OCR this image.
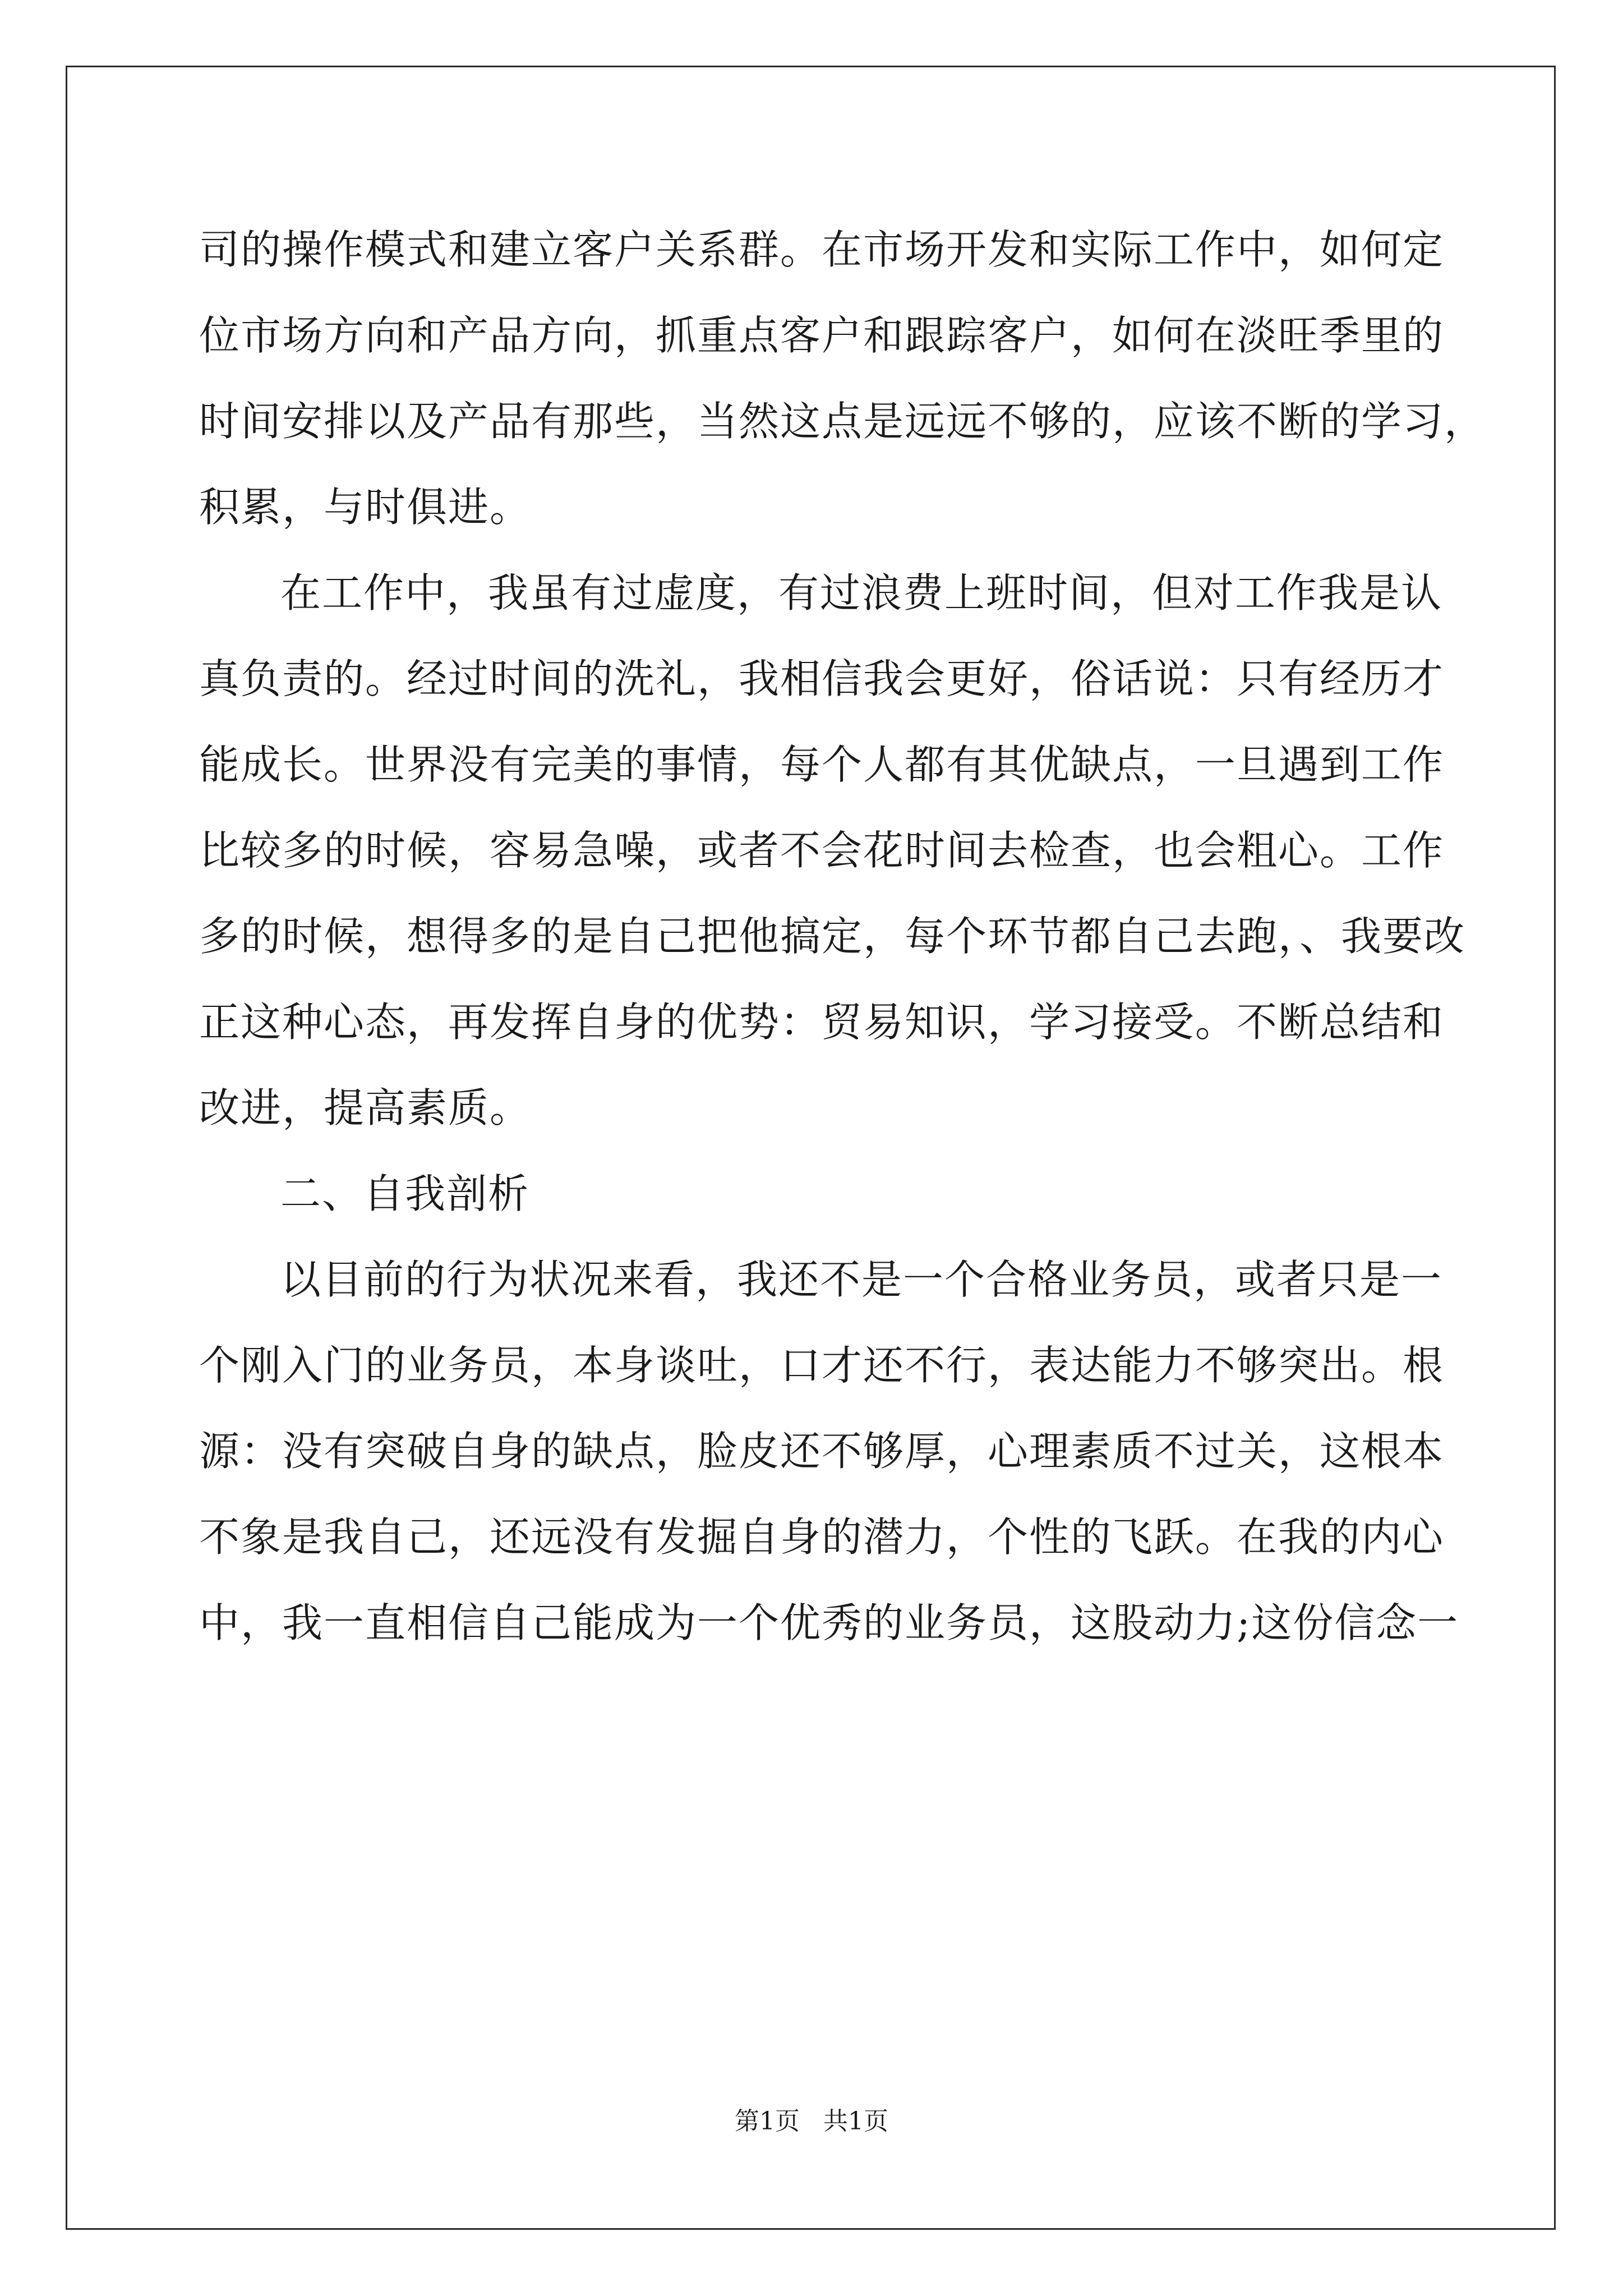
司的操作模式和建立客户关系群。在市场开发和实际工作中，如何定
位市场方向和产品方向，抓重点客户和跟踪客户，如何在淡旺季里的
时间安排以及产品有那些，当然这点是远远不够的，应该不断的学习，
积累，与时俱进。
在工作中，我虽有过虚度，有过浪费上班时间，但对工作我是认
真负责的。经过时间的洗礼，我相信我会更好，俗话说：只有经历才
能成长。世界没有完美的事情，每个人都有其优缺点，一旦遇到工作
比较多的时候，容易急噪，或者不会花时间去检查，也会粗心。工作
多的时候，想得多的是自己把他搞定，每个环节都自己去跑，、我要改
正这种心态，再发挥自身的优势：贸易知识，学习接受。不断总结和
改进，提高素质。
二、自我剖析
以目前的行为状况来看，我还不是一个合格业务员，或者只是一
个刚入门的业务员，本身谈吐，口才还不行，表达能力不够突出。根
源：没有突破自身的缺点，脸皮还不够厚，心理素质不过关，这根本
不象是我自己，还远没有发掘自身的潜力，个性的飞跃。在我的内心
中，我一直相信自己能成为一个优秀的业务员，这股动力;这份信念一
第1页   共1页
